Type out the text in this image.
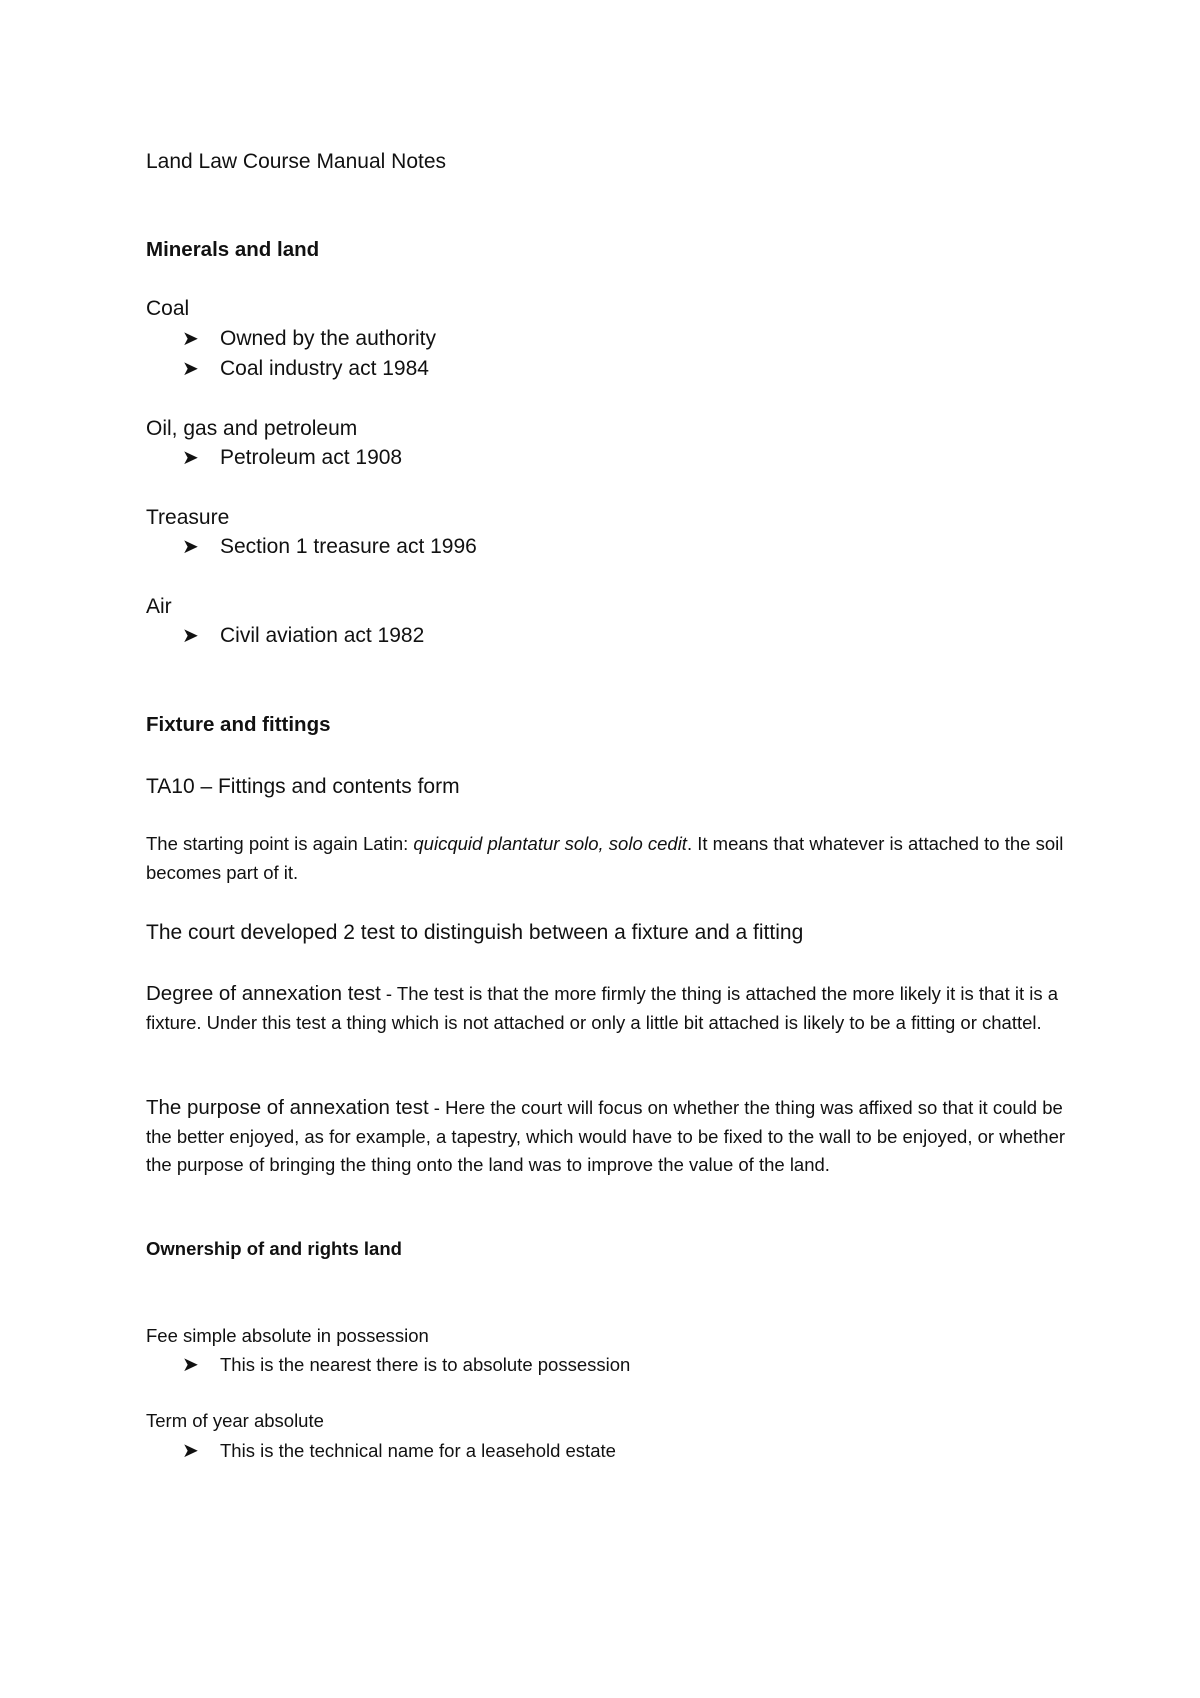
Land Law Course Manual Notes
Minerals and land
Coal
➤ Owned by the authority
➤ Coal industry act 1984
Oil, gas and petroleum
➤ Petroleum act 1908
Treasure
➤ Section 1 treasure act 1996
Air
➤ Civil aviation act 1982
Fixture and fittings
TA10 – Fittings and contents form
The starting point is again Latin: quicquid plantatur solo, solo cedit. It means that whatever is attached to the soil becomes part of it.
The court developed 2 test to distinguish between a fixture and a fitting
Degree of annexation test - The test is that the more firmly the thing is attached the more likely it is that it is a fixture. Under this test a thing which is not attached or only a little bit attached is likely to be a fitting or chattel.
The purpose of annexation test - Here the court will focus on whether the thing was affixed so that it could be the better enjoyed, as for example, a tapestry, which would have to be fixed to the wall to be enjoyed, or whether the purpose of bringing the thing onto the land was to improve the value of the land.
Ownership of and rights land
Fee simple absolute in possession
➤ This is the nearest there is to absolute possession
Term of year absolute
➤ This is the technical name for a leasehold estate
